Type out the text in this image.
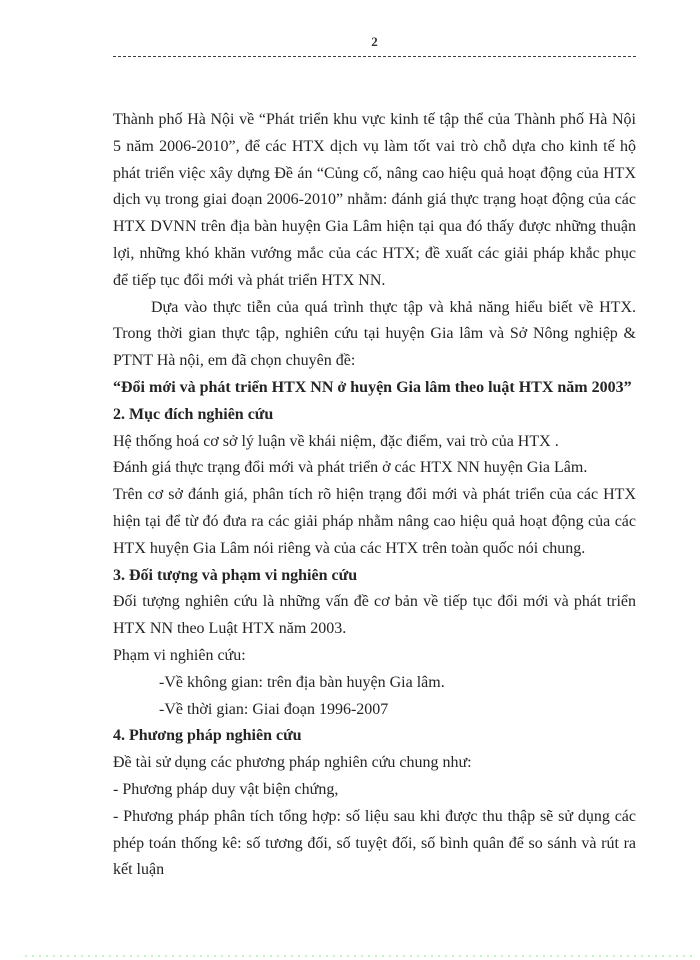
2

Thành phố Hà Nội về “Phát triển khu vực kinh tế tập thể của Thành phố Hà Nội 5 năm 2006-2010”, để các HTX dịch vụ làm tốt vai trò chỗ dựa cho kinh tế hộ phát triển việc xây dựng Đề án “Củng cố, nâng cao hiệu quả hoạt động của HTX dịch vụ trong giai đoạn 2006-2010” nhằm: đánh giá thực trạng hoạt động của các HTX DVNN trên địa bàn huyện Gia Lâm hiện tại qua đó thấy được những thuận lợi, những khó khăn vướng mắc của các HTX; đề xuất các giải pháp khắc phục để tiếp tục đổi mới và phát triển HTX NN.

Dựa vào thực tiễn của quá trình thực tập và khả năng hiểu biết về HTX. Trong thời gian thực tập, nghiên cứu tại huyện Gia lâm và Sở Nông nghiệp & PTNT Hà nội, em đã chọn chuyên đề:

“Đổi mới và phát triển HTX NN ở huyện Gia lâm theo luật HTX năm 2003”

2. Mục đích nghiên cứu

Hệ thống hoá cơ sở lý luận về khái niệm, đặc điểm, vai trò của HTX .

Đánh giá thực trạng đổi mới và phát triển ở các HTX NN huyện Gia Lâm.

Trên cơ sở đánh giá, phân tích rõ hiện trạng đổi mới và phát triển của các HTX hiện tại để từ đó đưa ra các giải pháp nhằm nâng cao hiệu quả hoạt động của các HTX huyện Gia Lâm nói riêng và của các HTX trên toàn quốc nói chung.

3. Đối tượng và phạm vi nghiên cứu

Đối tượng nghiên cứu là những vấn đề cơ bản về tiếp tục đổi mới và phát triển HTX NN theo Luật HTX năm 2003.

Phạm vi nghiên cứu:

-Về không gian: trên địa bàn huyện Gia lâm.

-Về thời gian: Giai đoạn 1996-2007

4. Phương pháp nghiên cứu

Đề tài sử dụng các phương pháp nghiên cứu chung như:

- Phương pháp duy vật biện chứng,

- Phương pháp phân tích tổng hợp: số liệu sau khi được thu thập sẽ sử dụng các phép toán thống kê: số tương đối, số tuyệt đối, số bình quân để so sánh và rút ra kết luận
